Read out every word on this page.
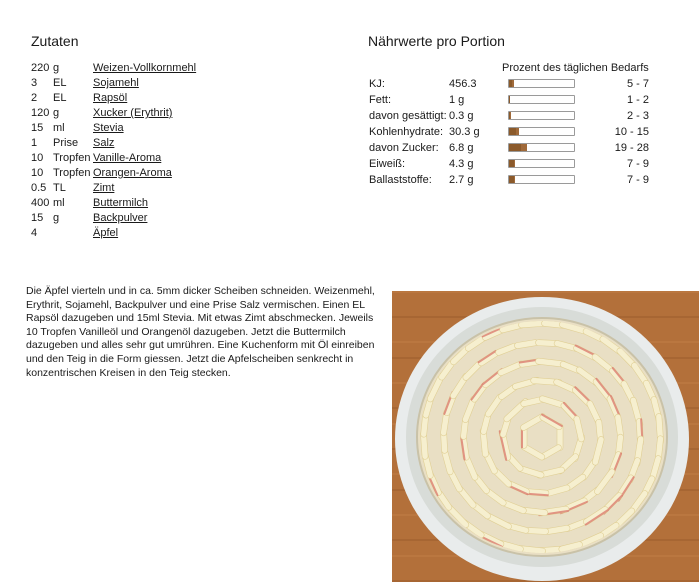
Zutaten	Nährwerte pro Portion
220 g	Weizen-Vollkornmehl
3 EL Sojamehl
2 EL Rapsöl
120 g	Xucker (Erythrit)
15 ml	Stevia
1 Prise Salz
10 Tropfen Vanille-Aroma
10 Tropfen Orangen-Aroma
0.5 TL Zimt
400 ml	Buttermilch
15 g	Backpulver
4	Äpfel
Prozent des täglichen Bedarfs
KJ:	456.3	5 - 7
Fett:	1 g	1 - 2
davon gesättigt: 0.3 g	2 - 3
Kohlenhydrate: 30.3 g	10 - 15
davon Zucker: 6.8 g	19 - 28
Eiweiß:	4.3 g	7 - 9
Ballaststoffe: 2.7 g	7 - 9

Die Äpfel vierteln und in ca. 5mm dicker Scheiben schneiden. Weizenmehl, Erythrit, Sojamehl, Backpulver und eine Prise Salz vermischen. Einen EL Rapsöl dazugeben und 15ml Stevia. Mit etwas Zimt abschmecken. Jeweils 10 Tropfen Vanilleöl und Orangenöl dazugeben. Jetzt die Buttermilch dazugeben und alles sehr gut umrühren. Eine Kuchenform mit Öl einreiben und den Teig in die Form giessen. Jetzt die Apfelscheiben senkrecht in konzentrischen Kreisen in den Teig stecken.
